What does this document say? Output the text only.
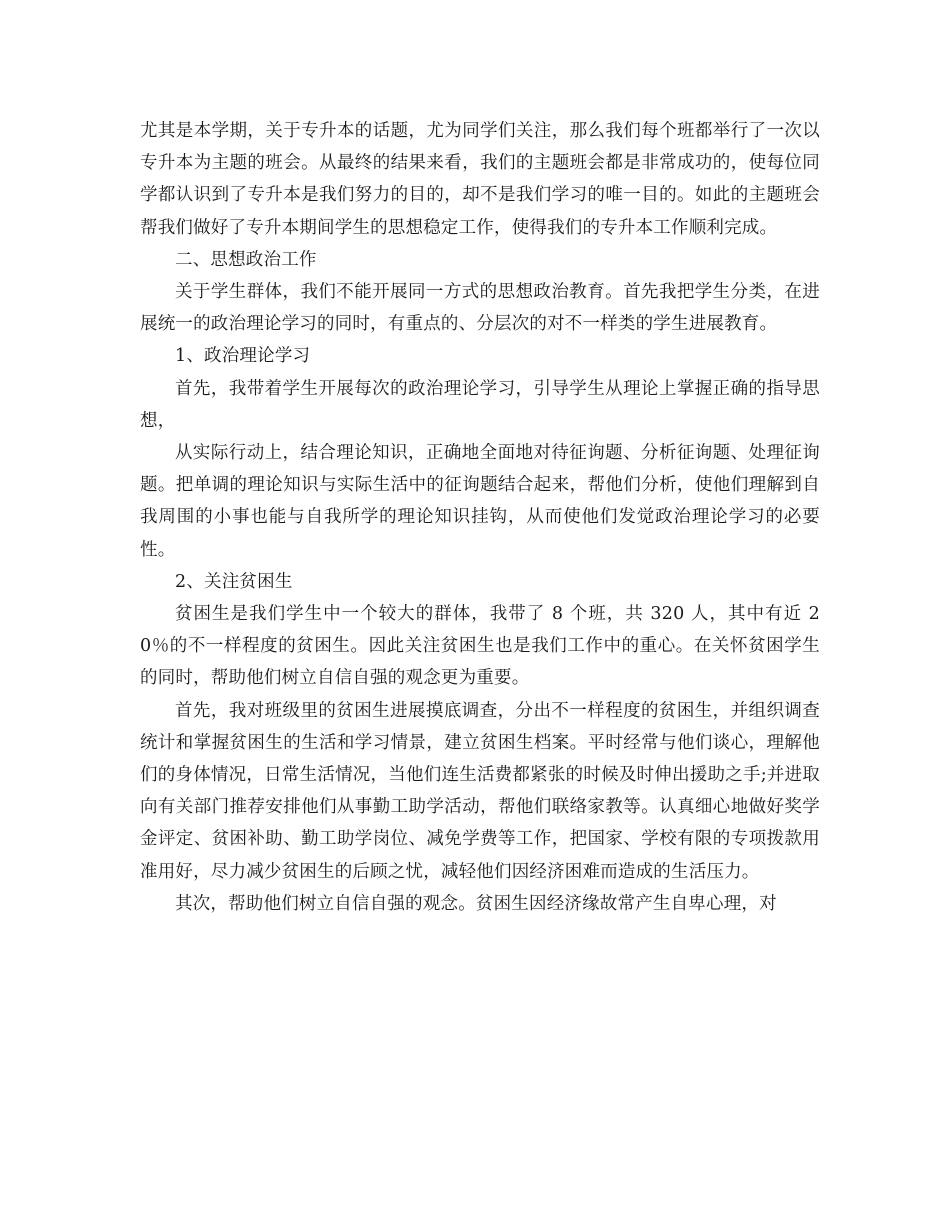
尤其是本学期，关于专升本的话题，尤为同学们关注，那么我们每个班都举行了一次以专升本为主题的班会。从最终的结果来看，我们的主题班会都是非常成功的，使每位同学都认识到了专升本是我们努力的目的，却不是我们学习的唯一目的。如此的主题班会帮我们做好了专升本期间学生的思想稳定工作，使得我们的专升本工作顺利完成。

二、思想政治工作

关于学生群体，我们不能开展同一方式的思想政治教育。首先我把学生分类，在进展统一的政治理论学习的同时，有重点的、分层次的对不一样类的学生进展教育。

1、政治理论学习

首先，我带着学生开展每次的政治理论学习，引导学生从理论上掌握正确的指导思想，

从实际行动上，结合理论知识，正确地全面地对待征询题、分析征询题、处理征询题。把单调的理论知识与实际生活中的征询题结合起来，帮他们分析，使他们理解到自我周围的小事也能与自我所学的理论知识挂钩，从而使他们发觉政治理论学习的必要性。

2、关注贫困生

贫困生是我们学生中一个较大的群体，我带了 8 个班，共 320 人，其中有近 20％的不一样程度的贫困生。因此关注贫困生也是我们工作中的重心。在关怀贫困学生的同时，帮助他们树立自信自强的观念更为重要。

首先，我对班级里的贫困生进展摸底调查，分出不一样程度的贫困生，并组织调查统计和掌握贫困生的生活和学习情景，建立贫困生档案。平时经常与他们谈心，理解他们的身体情况，日常生活情况，当他们连生活费都紧张的时候及时伸出援助之手;并进取向有关部门推荐安排他们从事勤工助学活动，帮他们联络家教等。认真细心地做好奖学金评定、贫困补助、勤工助学岗位、减免学费等工作，把国家、学校有限的专项拨款用准用好，尽力减少贫困生的后顾之忧，减轻他们因经济困难而造成的生活压力。

其次，帮助他们树立自信自强的观念。贫困生因经济缘故常产生自卑心理，对
